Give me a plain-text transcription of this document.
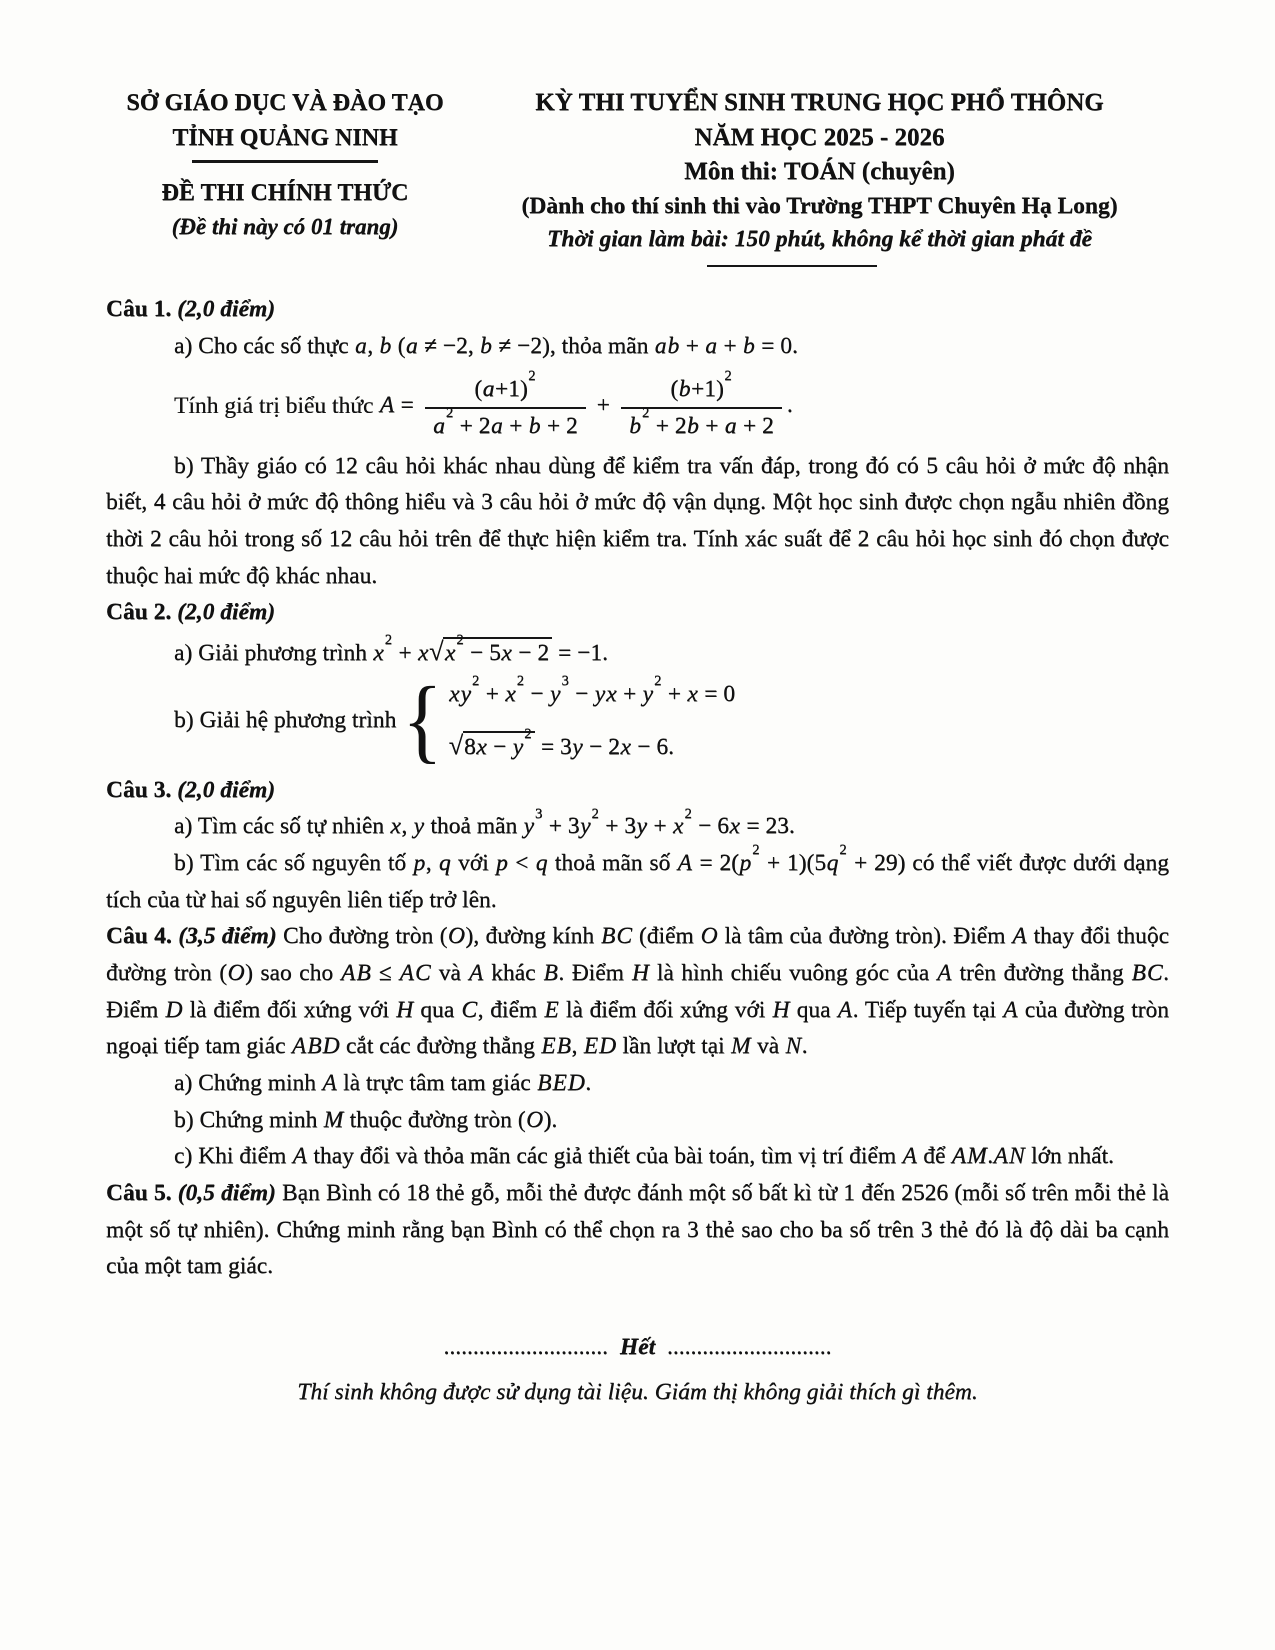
SỞ GIÁO DỤC VÀ ĐÀO TẠO
TỈNH QUẢNG NINH
ĐỀ THI CHÍNH THỨC
(Đề thi này có 01 trang)
KỲ THI TUYỂN SINH TRUNG HỌC PHỔ THÔNG
NĂM HỌC 2025 - 2026
Môn thi: TOÁN (chuyên)
(Dành cho thí sinh thi vào Trường THPT Chuyên Hạ Long)
Thời gian làm bài: 150 phút, không kể thời gian phát đề

Câu 1. (2,0 điểm)

a) Cho các số thực a, b (a ≠ −2, b ≠ −2), thỏa mãn ab + a + b = 0.

Tính giá trị biểu thức $A = \frac{(a+1)^2}{a^2 + 2a + b + 2} + \frac{(b+1)^2}{b^2 + 2b + a + 2}$ .

b) Thầy giáo có 12 câu hỏi khác nhau dùng để kiểm tra vấn đáp, trong đó có 5 câu hỏi ở mức độ nhận biết, 4 câu hỏi ở mức độ thông hiểu và 3 câu hỏi ở mức độ vận dụng. Một học sinh được chọn ngẫu nhiên đồng thời 2 câu hỏi trong số 12 câu hỏi trên để thực hiện kiểm tra. Tính xác suất để 2 câu hỏi học sinh đó chọn được thuộc hai mức độ khác nhau.

Câu 2. (2,0 điểm)

a) Giải phương trình $x^2 + x√x^2 - 5x - 2 = -1$.

b) Giải hệ phương trình { $xy^2 + x^2 - y^3$ − yx + $y^2 + x = 0$
$√8x - y^2 = 3y - 2x - 6$.

Câu 3. (2,0 điểm)

a) Tìm các số tự nhiên x, y thoả mãn $y^3 + 3y^2 + 3y + x^2 - 6x = 23$.

b) Tìm các số nguyên tố p, q với p < q thoả mãn số $A = 2(p^2 + 1)(5q^2 + 29)$ có thể viết được dưới dạng tích của từ hai số nguyên liên tiếp trở lên.

Câu 4. (3,5 điểm) Cho đường tròn (O), đường kính BC (điểm O là tâm của đường tròn). Điểm A thay đổi thuộc đường tròn (O) sao cho AB ≤ AC và A khác B. Điểm H là hình chiếu vuông góc của A trên đường thẳng BC. Điểm D là điểm đối xứng với H qua C, điểm E là điểm đối xứng với H qua A. Tiếp tuyến tại A của đường tròn ngoại tiếp tam giác ABD cắt các đường thẳng EB, ED lần lượt tại M và N.

a) Chứng minh A là trực tâm tam giác BED.

b) Chứng minh M thuộc đường tròn (O).

c) Khi điểm A thay đổi và thỏa mãn các giả thiết của bài toán, tìm vị trí điểm A để AM.AN lớn nhất.

Câu 5. (0,5 điểm) Bạn Bình có 18 thẻ gỗ, mỗi thẻ được đánh một số bất kì từ 1 đến 2526 (mỗi số trên mỗi thẻ là một số tự nhiên). Chứng minh rằng bạn Bình có thể chọn ra 3 thẻ sao cho ba số trên 3 thẻ đó là độ dài ba cạnh của một tam giác.

............................ Hết ............................
Thí sinh không được sử dụng tài liệu. Giám thị không giải thích gì thêm.
